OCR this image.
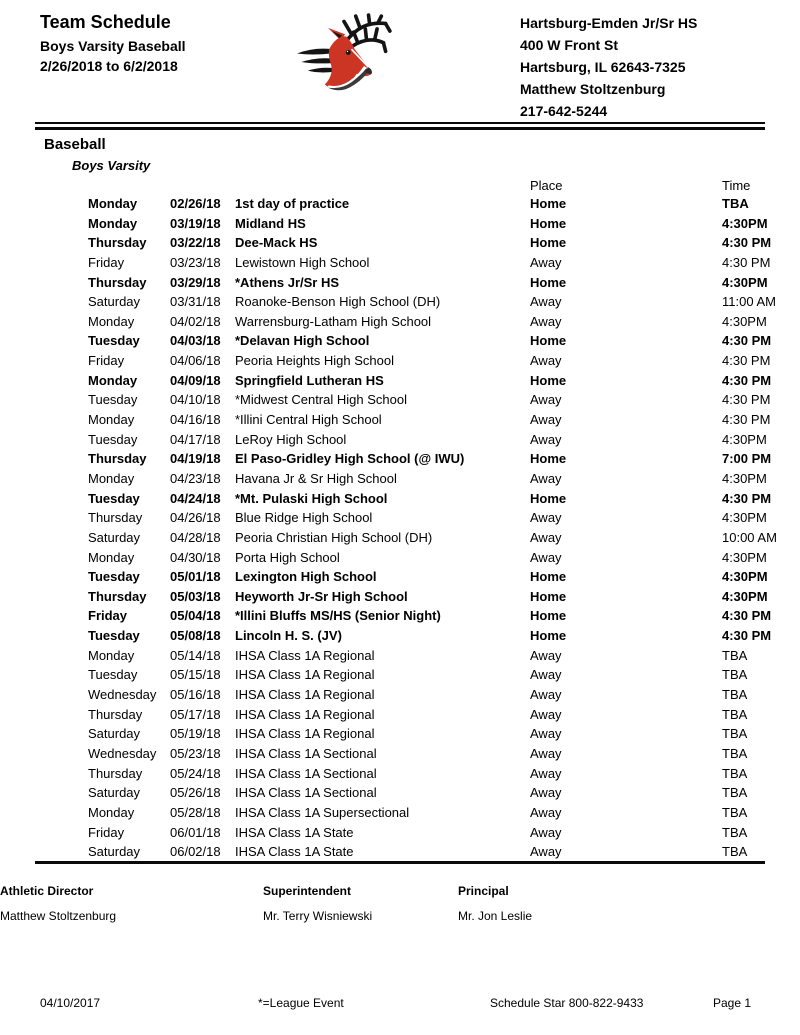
Team Schedule
Boys Varsity Baseball
2/26/2018 to 6/2/2018
Hartsburg-Emden Jr/Sr HS
400 W Front St
Hartsburg, IL 62643-7325
Matthew Stoltzenburg
217-642-5244
Baseball
Boys Varsity
Place	Time
Monday	02/26/18	1st day of practice	Home	TBA
Monday	03/19/18	Midland HS	Home	4:30PM
Thursday	03/22/18	Dee-Mack HS	Home	4:30 PM
Friday	03/23/18	Lewistown High School	Away	4:30 PM
Thursday	03/29/18	*Athens Jr/Sr HS	Home	4:30PM
Saturday	03/31/18	Roanoke-Benson High School (DH)	Away	11:00 AM
Monday	04/02/18	Warrensburg-Latham High School	Away	4:30PM
Tuesday	04/03/18	*Delavan High School	Home	4:30 PM
Friday	04/06/18	Peoria Heights High School	Away	4:30 PM
Monday	04/09/18	Springfield Lutheran HS	Home	4:30 PM
Tuesday	04/10/18	*Midwest Central High School	Away	4:30 PM
Monday	04/16/18	*Illini Central High School	Away	4:30 PM
Tuesday	04/17/18	LeRoy High School	Away	4:30PM
Thursday	04/19/18	El Paso-Gridley High School (@ IWU)	Home	7:00 PM
Monday	04/23/18	Havana Jr & Sr High School	Away	4:30PM
Tuesday	04/24/18	*Mt. Pulaski High School	Home	4:30 PM
Thursday	04/26/18	Blue Ridge High School	Away	4:30PM
Saturday	04/28/18	Peoria Christian High School (DH)	Away	10:00 AM
Monday	04/30/18	Porta High School	Away	4:30PM
Tuesday	05/01/18	Lexington High School	Home	4:30PM
Thursday	05/03/18	Heyworth Jr-Sr High School	Home	4:30PM
Friday	05/04/18	*Illini Bluffs MS/HS (Senior Night)	Home	4:30 PM
Tuesday	05/08/18	Lincoln H. S. (JV)	Home	4:30 PM
Monday	05/14/18	IHSA Class 1A Regional	Away	TBA
Tuesday	05/15/18	IHSA Class 1A Regional	Away	TBA
Wednesday	05/16/18	IHSA Class 1A Regional	Away	TBA
Thursday	05/17/18	IHSA Class 1A Regional	Away	TBA
Saturday	05/19/18	IHSA Class 1A Regional	Away	TBA
Wednesday	05/23/18	IHSA Class 1A Sectional	Away	TBA
Thursday	05/24/18	IHSA Class 1A Sectional	Away	TBA
Saturday	05/26/18	IHSA Class 1A Sectional	Away	TBA
Monday	05/28/18	IHSA Class 1A Supersectional	Away	TBA
Friday	06/01/18	IHSA Class 1A State	Away	TBA
Saturday	06/02/18	IHSA Class 1A State	Away	TBA
Superintendent
Mr. Terry Wisniewski
Principal
Mr. Jon Leslie
Athletic Director
Matthew Stoltzenburg
04/10/2017	*=League Event	Schedule Star 800-822-9433	Page 1
